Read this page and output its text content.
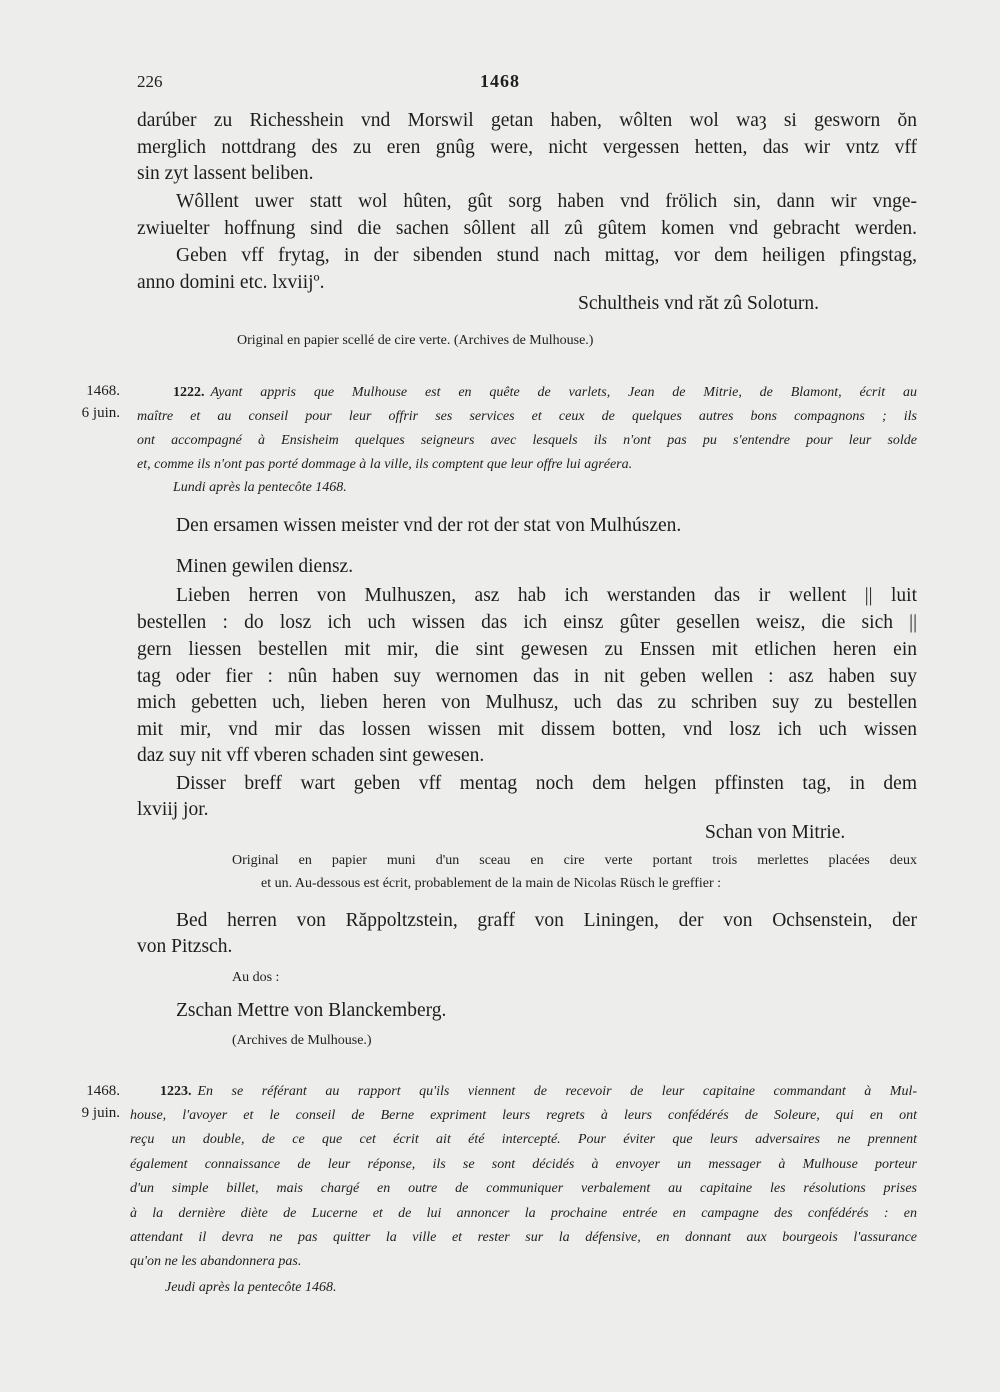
226	1468
darúber zu Richesshein vnd Morswil getan haben, wôlten wol waȝ si gesworn ŏn
merglich nottdrang des zu eren gnûg were, nicht vergessen hetten, das wir vntz vff
sin zyt lassent beliben.
Wôllent uwer statt wol hûten, gût sorg haben vnd frölich sin, dann wir vnge-
zwiuelter hoffnung sind die sachen sôllent all zû gûtem komen vnd gebracht werden.
Geben vff frytag, in der sibenden stund nach mittag, vor dem heiligen pfingstag,
anno domini etc. lxviijº.
Schultheis vnd răt zû Soloturn.
Original en papier scellé de cire verte. (Archives de Mulhouse.)
1468.
6 juin.
1222. Ayant appris que Mulhouse est en quête de varlets, Jean de Mitrie, de Blamont, écrit au
maître et au conseil pour leur offrir ses services et ceux de quelques autres bons compagnons ; ils
ont accompagné à Ensisheim quelques seigneurs avec lesquels ils n'ont pas pu s'entendre pour leur solde
et, comme ils n'ont pas porté dommage à la ville, ils comptent que leur offre lui agréera.
Lundi après la pentecôte 1468.
Den ersamen wissen meister vnd der rot der stat von Mulhúszen.
Minen gewilen diensz.
Lieben herren von Mulhuszen, asz hab ich werstanden das ir wellent || luit
bestellen : do losz ich uch wissen das ich einsz gûter gesellen weisz, die sich ||
gern liessen bestellen mit mir, die sint gewesen zu Enssen mit etlichen heren ein
tag oder fier : nûn haben suy wernomen das in nit geben wellen : asz haben suy
mich gebetten uch, lieben heren von Mulhusz, uch das zu schriben suy zu bestellen
mit mir, vnd mir das lossen wissen mit dissem botten, vnd losz ich uch wissen
daz suy nit vff vberen schaden sint gewesen.
Disser breff wart geben vff mentag noch dem helgen pffinsten tag, in dem
lxviij jor.
Schan von Mitrie.
Original en papier muni d'un sceau en cire verte portant trois merlettes placées deux
et un. Au-dessous est écrit, probablement de la main de Nicolas Rüsch le greffier :
Bed herren von Răppoltzstein, graff von Liningen, der von Ochsenstein, der
von Pitzsch.
Au dos :
Zschan Mettre von Blanckemberg.
(Archives de Mulhouse.)
1468.
9 juin.
1223. En se référant au rapport qu'ils viennent de recevoir de leur capitaine commandant à Mul-
house, l'avoyer et le conseil de Berne expriment leurs regrets à leurs confédérés de Soleure, qui en ont
reçu un double, de ce que cet écrit ait été intercepté. Pour éviter que leurs adversaires ne prennent
également connaissance de leur réponse, ils se sont décidés à envoyer un messager à Mulhouse porteur
d'un simple billet, mais chargé en outre de communiquer verbalement au capitaine les résolutions prises
à la dernière diète de Lucerne et de lui annoncer la prochaine entrée en campagne des confédérés : en
attendant il devra ne pas quitter la ville et rester sur la défensive, en donnant aux bourgeois l'assurance
qu'on ne les abandonnera pas.
Jeudi après la pentecôte 1468.
